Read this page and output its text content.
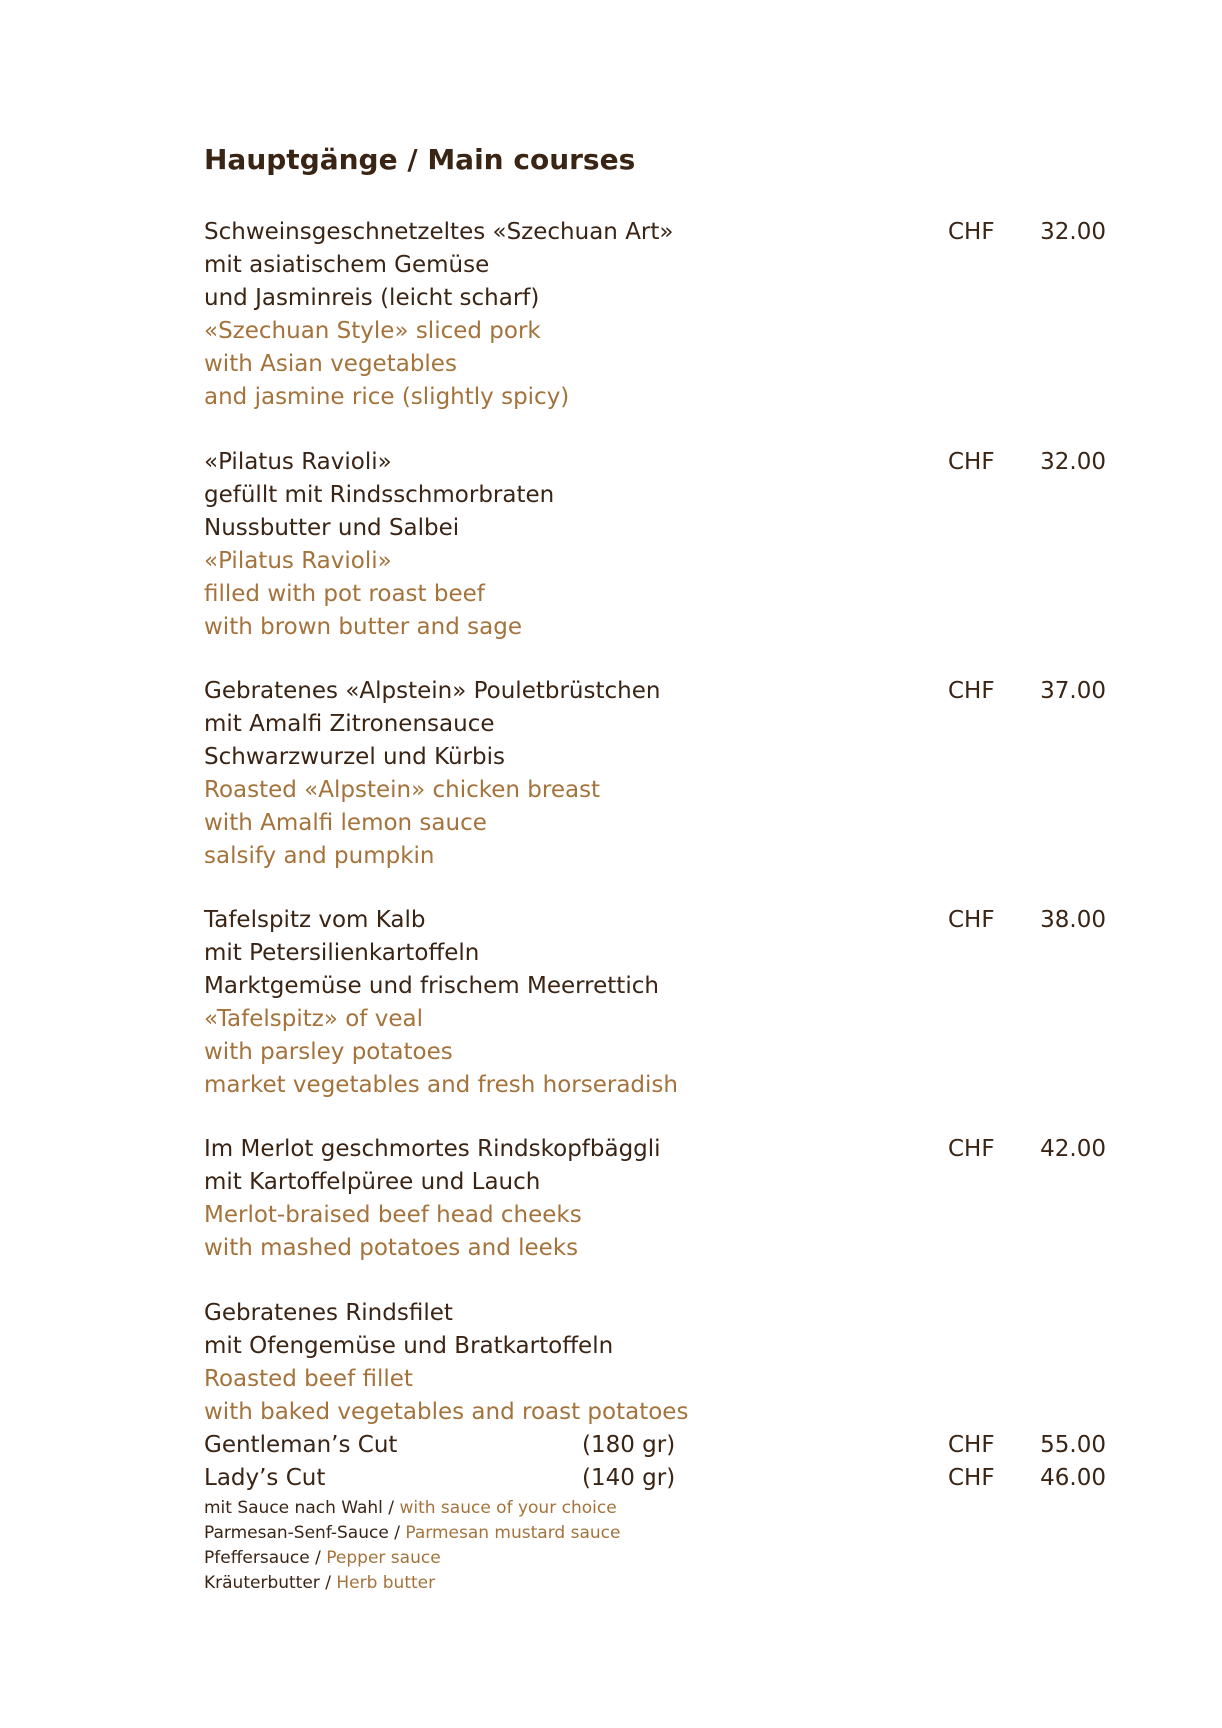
Hauptgänge / Main courses
Schweinsgeschnetzeltes «Szechuan Art»	CHF	32.00
mit asiatischem Gemüse
und Jasminreis (leicht scharf)
«Szechuan Style» sliced pork
with Asian vegetables
and jasmine rice (slightly spicy)
«Pilatus Ravioli»	CHF	32.00
gefüllt mit Rindsschmorbraten
Nussbutter und Salbei
«Pilatus Ravioli»
filled with pot roast beef
with brown butter and sage
Gebratenes «Alpstein» Pouletbrüstchen	CHF	37.00
mit Amalfi Zitronensauce
Schwarzwurzel und Kürbis
Roasted «Alpstein» chicken breast
with Amalfi lemon sauce
salsify and pumpkin
Tafelspitz vom Kalb	CHF	38.00
mit Petersilienkartoffeln
Marktgemüse und frischem Meerrettich
«Tafelspitz» of veal
with parsley potatoes
market vegetables and fresh horseradish
Im Merlot geschmortes Rindskopfbäggli	CHF	42.00
mit Kartoffelpüree und Lauch
Merlot-braised beef head cheeks
with mashed potatoes and leeks
Gebratenes Rindsfilet
mit Ofengemüse und Bratkartoffeln
Roasted beef fillet
with baked vegetables and roast potatoes
Gentleman’s Cut	(180 gr)	CHF	55.00
Lady’s Cut	(140 gr)	CHF	46.00
mit Sauce nach Wahl / with sauce of your choice
Parmesan-Senf-Sauce / Parmesan mustard sauce
Pfeffersauce / Pepper sauce
Kräuterbutter / Herb butter
